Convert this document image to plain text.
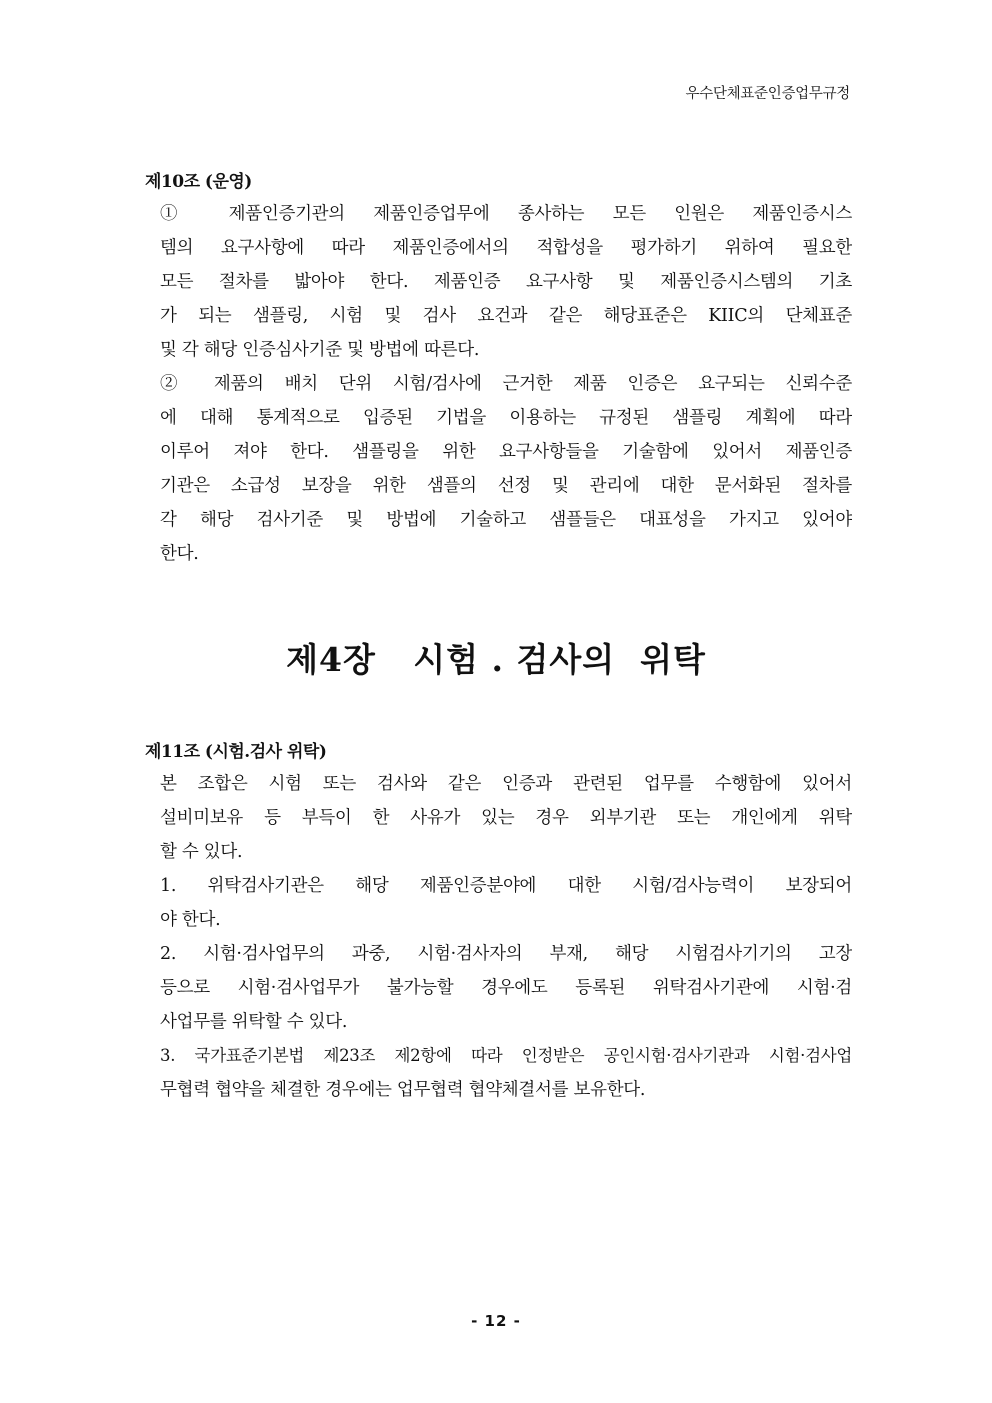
우수단체표준인증업무규정
제10조 (운영)
① 제품인증기관의 제품인증업무에 종사하는 모든 인원은 제품인증시스
템의 요구사항에 따라 제품인증에서의 적합성을 평가하기 위하여 필요한
모든 절차를 밟아야 한다. 제품인증 요구사항 및 제품인증시스템의 기초
가 되는 샘플링, 시험 및 검사 요건과 같은 해당표준은 KIIC의 단체표준
및 각 해당 인증심사기준 및 방법에 따른다.
② 제품의 배치 단위 시험/검사에 근거한 제품 인증은 요구되는 신뢰수준
에 대해 통계적으로 입증된 기법을 이용하는 규정된 샘플링 계획에 따라
이루어 져야 한다. 샘플링을 위한 요구사항들을 기술함에 있어서 제품인증
기관은 소급성 보장을 위한 샘플의 선정 및 관리에 대한 문서화된 절차를
각 해당 검사기준 및 방법에 기술하고 샘플들은 대표성을 가지고 있어야
한다.
제4장   시험 . 검사의  위탁
제11조 (시험.검사 위탁)
본 조합은 시험 또는 검사와 같은 인증과 관련된 업무를 수행함에 있어서
설비미보유 등 부득이 한 사유가 있는 경우 외부기관 또는 개인에게 위탁
할 수 있다.
1. 위탁검사기관은 해당 제품인증분야에 대한 시험/검사능력이 보장되어
야 한다.
2. 시험·검사업무의 과중, 시험·검사자의 부재, 해당 시험검사기기의 고장
등으로 시험·검사업무가 불가능할 경우에도 등록된 위탁검사기관에 시험·검
사업무를 위탁할 수 있다.
3. 국가표준기본법 제23조 제2항에 따라 인정받은 공인시험·검사기관과 시험·검사업
무협력 협약을 체결한 경우에는 업무협력 협약체결서를 보유한다.
- 12 -
